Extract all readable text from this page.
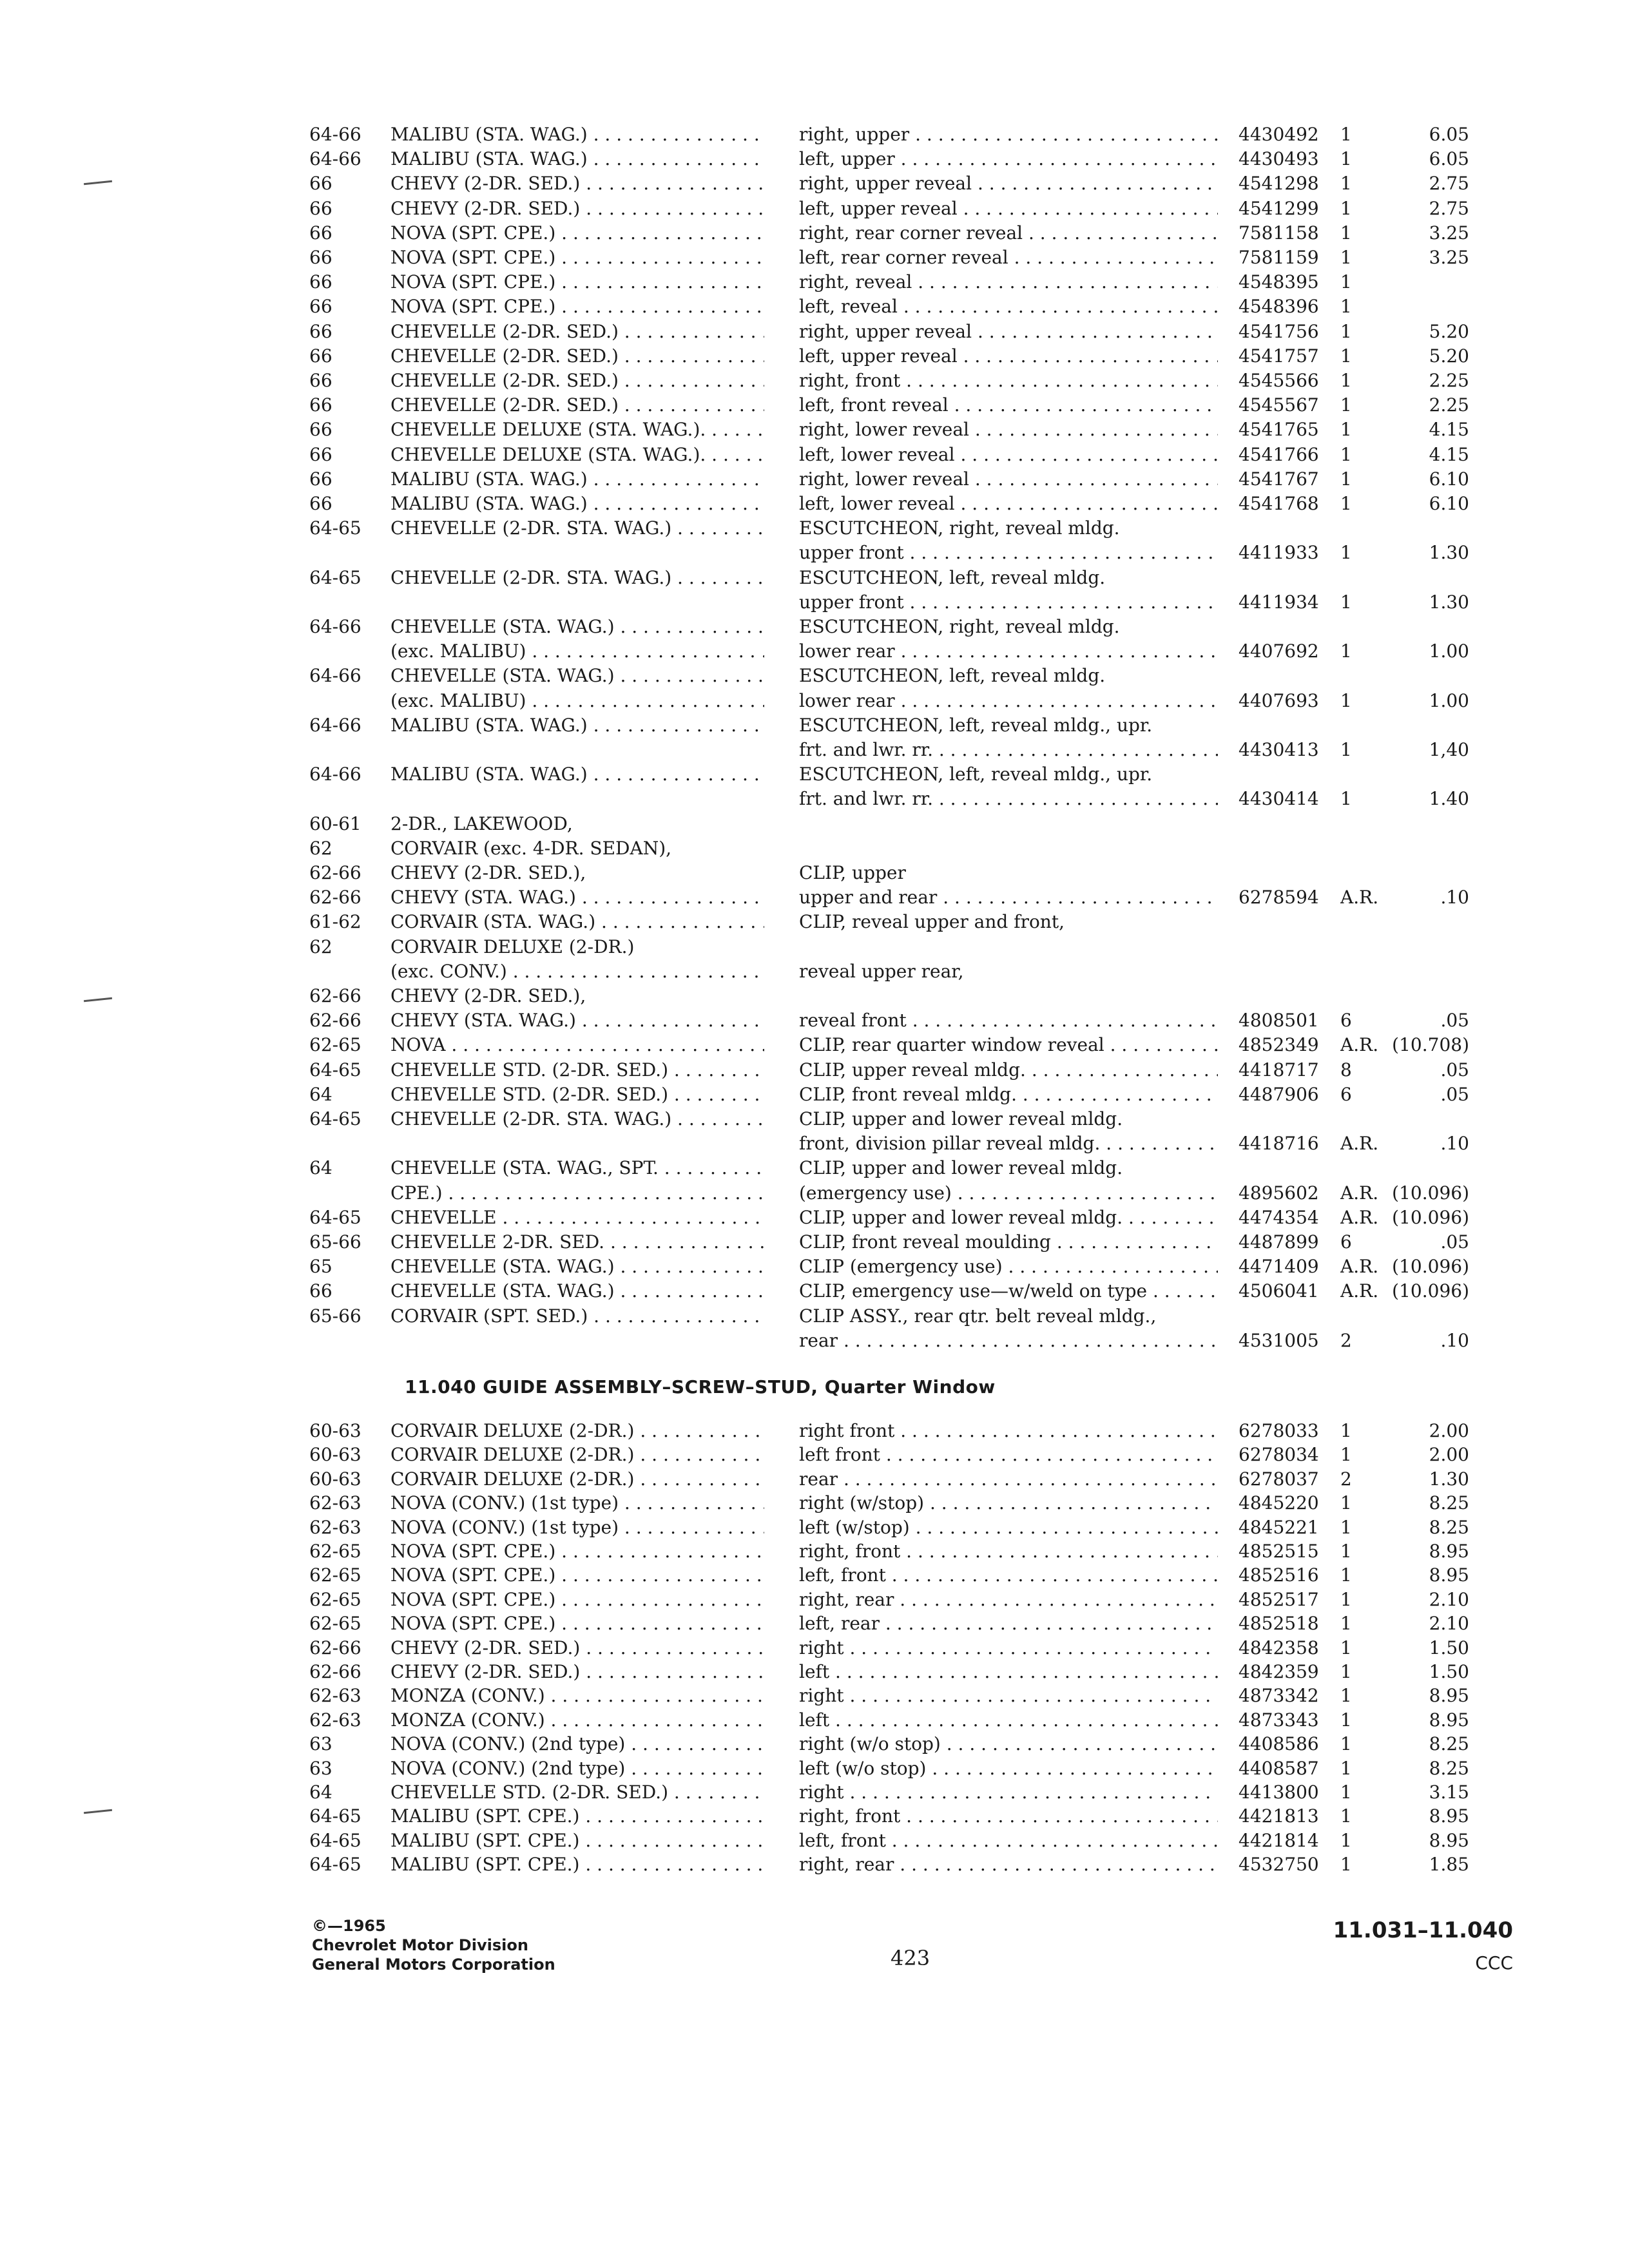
64-66	MALIBU (STA. WAG.) . . .	right, upper . . .	4430492	1	6.05
64-66	MALIBU (STA. WAG.) . . .	left, upper . . .	4430493	1	6.05
66	CHEVY (2-DR. SED.) . . .	right, upper reveal . . .	4541298	1	2.75
66	CHEVY (2-DR. SED.) . . .	left, upper reveal . . .	4541299	1	2.75
66	NOVA (SPT. CPE.) . . .	right, rear corner reveal . . .	7581158	1	3.25
66	NOVA (SPT. CPE.) . . .	left, rear corner reveal . . .	7581159	1	3.25
66	NOVA (SPT. CPE.) . . .	right, reveal . . .	4548395	1
66	NOVA (SPT. CPE.) . . .	left, reveal . . .	4548396	1
66	CHEVELLE (2-DR. SED.) . . .	right, upper reveal . . .	4541756	1	5.20
66	CHEVELLE (2-DR. SED.) . . .	left, upper reveal . . .	4541757	1	5.20
66	CHEVELLE (2-DR. SED.) . . .	right, front . . .	4545566	1	2.25
66	CHEVELLE (2-DR. SED.) . . .	left, front reveal . . .	4545567	1	2.25
66	CHEVELLE DELUXE (STA. WAG.). . . .	right, lower reveal . . .	4541765	1	4.15
66	CHEVELLE DELUXE (STA. WAG.). . . .	left, lower reveal . . .	4541766	1	4.15
66	MALIBU (STA. WAG.) . . .	right, lower reveal . . .	4541767	1	6.10
66	MALIBU (STA. WAG.) . . .	left, lower reveal . . .	4541768	1	6.10
64-65	CHEVELLE (2-DR. STA. WAG.) . . .	ESCUTCHEON, right, reveal mldg.
upper front . . .	4411933	1	1.30
64-65	CHEVELLE (2-DR. STA. WAG.) . . .	ESCUTCHEON, left, reveal mldg.
upper front . . .	4411934	1	1.30
64-66	CHEVELLE (STA. WAG.) . . .	ESCUTCHEON, right, reveal mldg.
(exc. MALIBU) . . .	lower rear . . .	4407692	1	1.00
64-66	CHEVELLE (STA. WAG.) . . .	ESCUTCHEON, left, reveal mldg.
(exc. MALIBU) . . .	lower rear . . .	4407693	1	1.00
64-66	MALIBU (STA. WAG.) . . .	ESCUTCHEON, left, reveal mldg., upr.
frt. and lwr. rr. . . .	4430413	1	1,40
64-66	MALIBU (STA. WAG.) . . .	ESCUTCHEON, left, reveal mldg., upr.
frt. and lwr. rr. . . .	4430414	1	1.40
60-61	2-DR., LAKEWOOD,
62	CORVAIR (exc. 4-DR. SEDAN),
62-66	CHEVY (2-DR. SED.),	CLIP, upper
62-66	CHEVY (STA. WAG.) . . .	upper and rear . . .	6278594	A.R.	.10
61-62	CORVAIR (STA. WAG.) . . .	CLIP, reveal upper and front,
62	CORVAIR DELUXE (2-DR.)
(exc. CONV.) . . .	reveal upper rear,
62-66	CHEVY (2-DR. SED.),
62-66	CHEVY (STA. WAG.) . . .	reveal front . . .	4808501	6	.05
62-65	NOVA . . .	CLIP, rear quarter window reveal . . .	4852349	A.R. (10.708)
64-65	CHEVELLE STD. (2-DR. SED.) . . .	CLIP, upper reveal mldg. . . .	4418717	8	.05
64	CHEVELLE STD. (2-DR. SED.) . . .	CLIP, front reveal mldg. . . .	4487906	6	.05
64-65	CHEVELLE (2-DR. STA. WAG.) . . .	CLIP, upper and lower reveal mldg.
front, division pillar reveal mldg. . . .	4418716	A.R.	.10
64	CHEVELLE (STA. WAG., SPT. . . .	CLIP, upper and lower reveal mldg.
CPE.) . . .	(emergency use) . . .	4895602	A.R. (10.096)
64-65	CHEVELLE . . .	CLIP, upper and lower reveal mldg. . . .	4474354	A.R. (10.096)
65-66	CHEVELLE 2-DR. SED. . . .	CLIP, front reveal moulding . . .	4487899	6	.05
65	CHEVELLE (STA. WAG.) . . .	CLIP (emergency use) . . .	4471409	A.R. (10.096)
66	CHEVELLE (STA. WAG.) . . .	CLIP, emergency use—w/weld on type . . .	4506041	A.R. (10.096)
65-66	CORVAIR (SPT. SED.) . . .	CLIP ASSY., rear qtr. belt reveal mldg.,
rear . . .	4531005	2	.10
11.040 GUIDE ASSEMBLY–SCREW–STUD, Quarter Window
60-63	CORVAIR DELUXE (2-DR.) . . .	right front . . .	6278033	1	2.00
60-63	CORVAIR DELUXE (2-DR.) . . .	left front . . .	6278034	1	2.00
60-63	CORVAIR DELUXE (2-DR.) . . .	rear . . .	6278037	2	1.30
62-63	NOVA (CONV.) (1st type) . . .	right (w/stop) . . .	4845220	1	8.25
62-63	NOVA (CONV.) (1st type) . . .	left (w/stop) . . .	4845221	1	8.25
62-65	NOVA (SPT. CPE.) . . .	right, front . . .	4852515	1	8.95
62-65	NOVA (SPT. CPE.) . . .	left, front . . .	4852516	1	8.95
62-65	NOVA (SPT. CPE.) . . .	right, rear . . .	4852517	1	2.10
62-65	NOVA (SPT. CPE.) . . .	left, rear . . .	4852518	1	2.10
62-66	CHEVY (2-DR. SED.) . . .	right . . .	4842358	1	1.50
62-66	CHEVY (2-DR. SED.) . . .	left . . .	4842359	1	1.50
62-63	MONZA (CONV.) . . .	right . . .	4873342	1	8.95
62-63	MONZA (CONV.) . . .	left . . .	4873343	1	8.95
63	NOVA (CONV.) (2nd type) . . .	right (w/o stop) . . .	4408586	1	8.25
63	NOVA (CONV.) (2nd type) . . .	left (w/o stop) . . .	4408587	1	8.25
64	CHEVELLE STD. (2-DR. SED.) . . .	right . . .	4413800	1	3.15
64-65	MALIBU (SPT. CPE.) . . .	right, front . . .	4421813	1	8.95
64-65	MALIBU (SPT. CPE.) . . .	left, front . . .	4421814	1	8.95
64-65	MALIBU (SPT. CPE.) . . .	right, rear . . .	4532750	1	1.85
©—1965
Chevrolet Motor Division
General Motors Corporation	423
11.031–11.040
CCC
